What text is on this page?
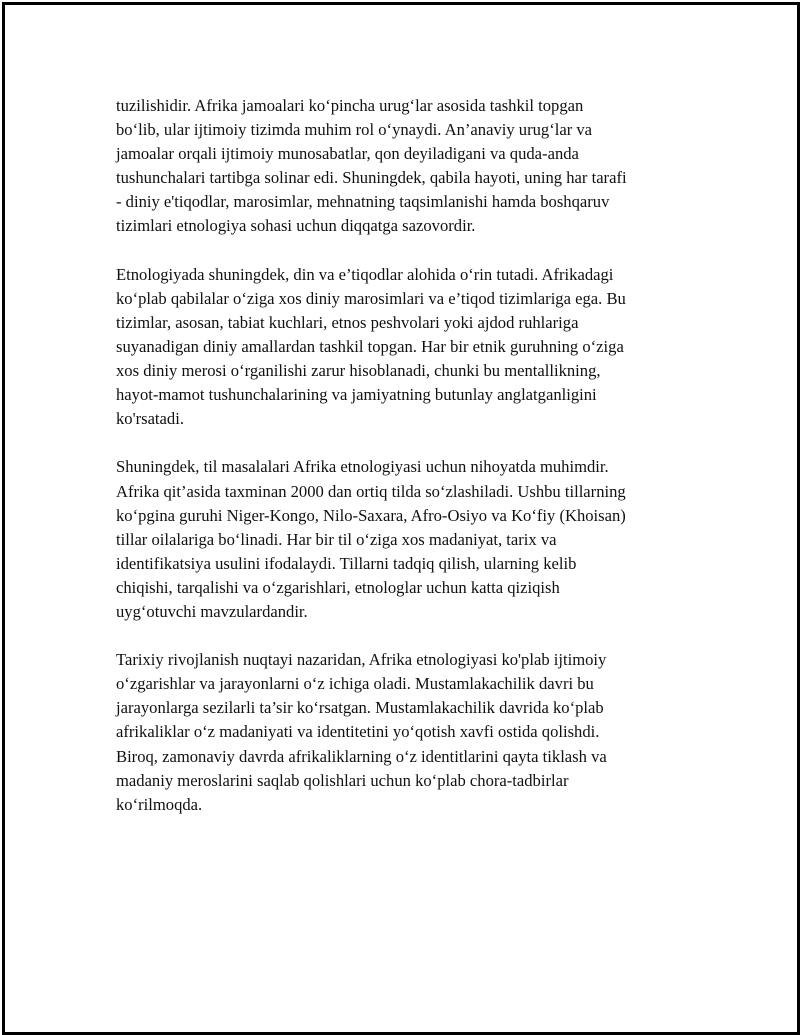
tuzilishidir. Afrika jamoalari ko‘pincha urug‘lar asosida tashkil topgan
bo‘lib, ular ijtimoiy tizimda muhim rol o‘ynaydi. An’anaviy urug‘lar va
jamoalar orqali ijtimoiy munosabatlar, qon deyiladigani va quda-anda
tushunchalari tartibga solinar edi. Shuningdek, qabila hayoti, uning har tarafi
- diniy e'tiqodlar, marosimlar, mehnatning taqsimlanishi hamda boshqaruv
tizimlari etnologiya sohasi uchun diqqatga sazovordir.

Etnologiyada shuningdek, din va e’tiqodlar alohida o‘rin tutadi. Afrikadagi
ko‘plab qabilalar o‘ziga xos diniy marosimlari va e’tiqod tizimlariga ega. Bu
tizimlar, asosan, tabiat kuchlari, etnos peshvolari yoki ajdod ruhlariga
suyanadigan diniy amallardan tashkil topgan. Har bir etnik guruhning o‘ziga
xos diniy merosi o‘rganilishi zarur hisoblanadi, chunki bu mentallikning,
hayot-mamot tushunchalarining va jamiyatning butunlay anglatganligini
ko'rsatadi.

Shuningdek, til masalalari Afrika etnologiyasi uchun nihoyatda muhimdir.
Afrika qit’asida taxminan 2000 dan ortiq tilda so‘zlashiladi. Ushbu tillarning
ko‘pgina guruhi Niger-Kongo, Nilo-Saxara, Afro-Osiyo va Ko‘fiy (Khoisan)
tillar oilalariga bo‘linadi. Har bir til o‘ziga xos madaniyat, tarix va
identifikatsiya usulini ifodalaydi. Tillarni tadqiq qilish, ularning kelib
chiqishi, tarqalishi va o‘zgarishlari, etnologlar uchun katta qiziqish
uyg‘otuvchi mavzulardandir.

Tarixiy rivojlanish nuqtayi nazaridan, Afrika etnologiyasi ko'plab ijtimoiy
o‘zgarishlar va jarayonlarni o‘z ichiga oladi. Mustamlakachilik davri bu
jarayonlarga sezilarli ta’sir ko‘rsatgan. Mustamlakachilik davrida ko‘plab
afrikaliklar o‘z madaniyati va identitetini yo‘qotish xavfi ostida qolishdi.
Biroq, zamonaviy davrda afrikaliklarning o‘z identitlarini qayta tiklash va
madaniy meroslarini saqlab qolishlari uchun ko‘plab chora-tadbirlar
ko‘rilmoqda.
